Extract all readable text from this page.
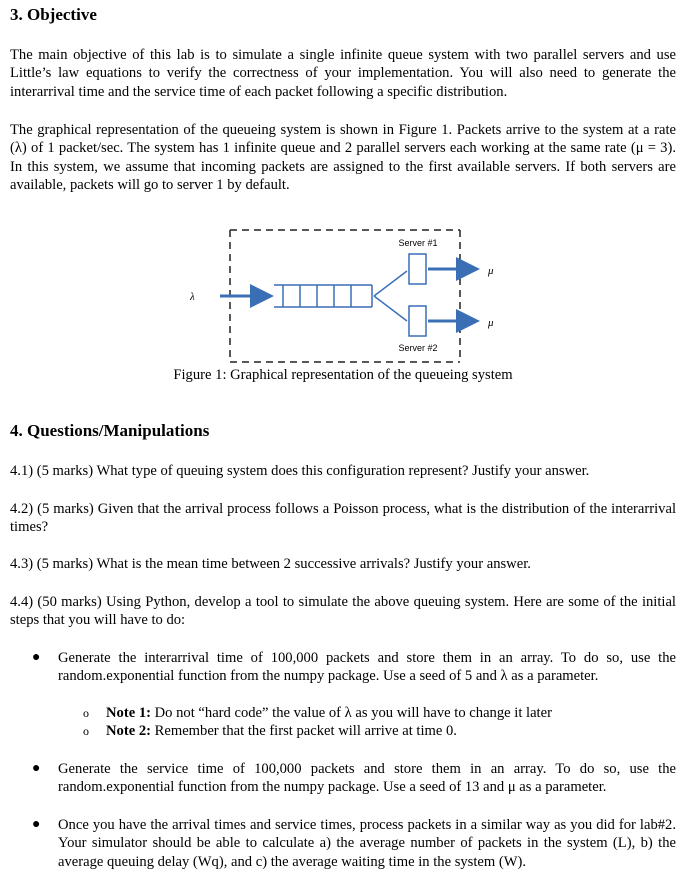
3. Objective

The main objective of this lab is to simulate a single infinite queue system with two parallel servers and use Little’s law equations to verify the correctness of your implementation. You will also need to generate the interarrival time and the service time of each packet following a specific distribution.

The graphical representation of the queueing system is shown in Figure 1. Packets arrive to the system at a rate (λ) of 1 packet/sec. The system has 1 infinite queue and 2 parallel servers each working at the same rate (μ = 3). In this system, we assume that incoming packets are assigned to the first available servers. If both servers are available, packets will go to server 1 by default.

Server #1
Server #2
λ
μ
μ
Figure 1: Graphical representation of the queueing system
4. Questions/Manipulations

4.1) (5 marks) What type of queuing system does this configuration represent? Justify your answer.

4.2) (5 marks) Given that the arrival process follows a Poisson process, what is the distribution of the interarrival times?

4.3) (5 marks) What is the mean time between 2 successive arrivals? Justify your answer.

4.4) (50 marks) Using Python, develop a tool to simulate the above queuing system. Here are some of the initial steps that you will have to do:

● Generate the interarrival time of 100,000 packets and store them in an array. To do so, use the random.exponential function from the numpy package. Use a seed of 5 and λ as a parameter.
o Note 1: Do not “hard code” the value of λ as you will have to change it later
o Note 2: Remember that the first packet will arrive at time 0.
● Generate the service time of 100,000 packets and store them in an array. To do so, use the random.exponential function from the numpy package. Use a seed of 13 and μ as a parameter.
● Once you have the arrival times and service times, process packets in a similar way as you did for lab#2. Your simulator should be able to calculate a) the average number of packets in the system (L), b) the average queuing delay (Wq), and c) the average waiting time in the system (W).
